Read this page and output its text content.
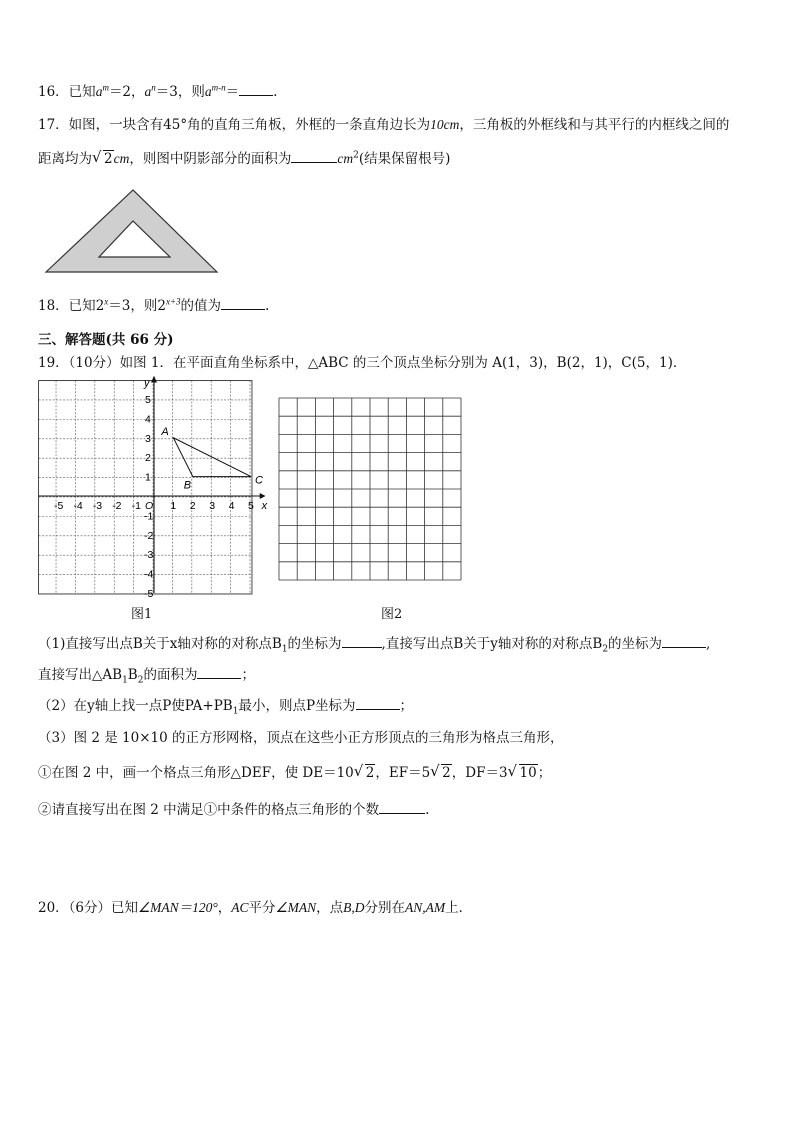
16．已知$a^m=2$，$a^n=3$，则$a^{m-n}=$	.
17．如图，一块含有45°角的直角三角板，外框的一条直角边长为10cm，三角板的外框线和与其平行的内框线之间的
距离均为 √ 2cm，则图中阴影部分的面积为	$cm^2$(结果保留根号)
18．已知$2^x=3$，则$2^{x+3}$的值为	.
三、解答题(共 66 分)
19．（10分）如图 1．在平面直角坐标系中，△ABC 的三个顶点坐标分别为 A(1，3)，B(2，1)，C(5，1)．
x
y
-5 -4 -3 -2 -1 O 1 2 3 4 5
5
4
3
2
1
-1
-2
-3
-4
-5
A
B	C
图1	图2
（1)直接写出点B关于x轴对称的对称点$B_1$的坐标为	,直接写出点B关于y轴对称的对称点$B_2$的坐标为	,
直接写出$\triangle AB_1B_2$的面积为	；
（2）在y轴上找一点P使$PA+PB_1$最小，则点P坐标为	；
（3）图 2 是 10×10 的正方形网格，顶点在这些小正方形顶点的三角形为格点三角形，
①在图 2 中，画一个格点三角形△DEF，使 DE＝10 √ 2，EF＝5 √ 2，DF＝3 √ 10；
②请直接写出在图 2 中满足①中条件的格点三角形的个数	.
20．（6分）已知∠MAN＝120°，AC平分∠MAN，点B,D分别在AN,AM上．
